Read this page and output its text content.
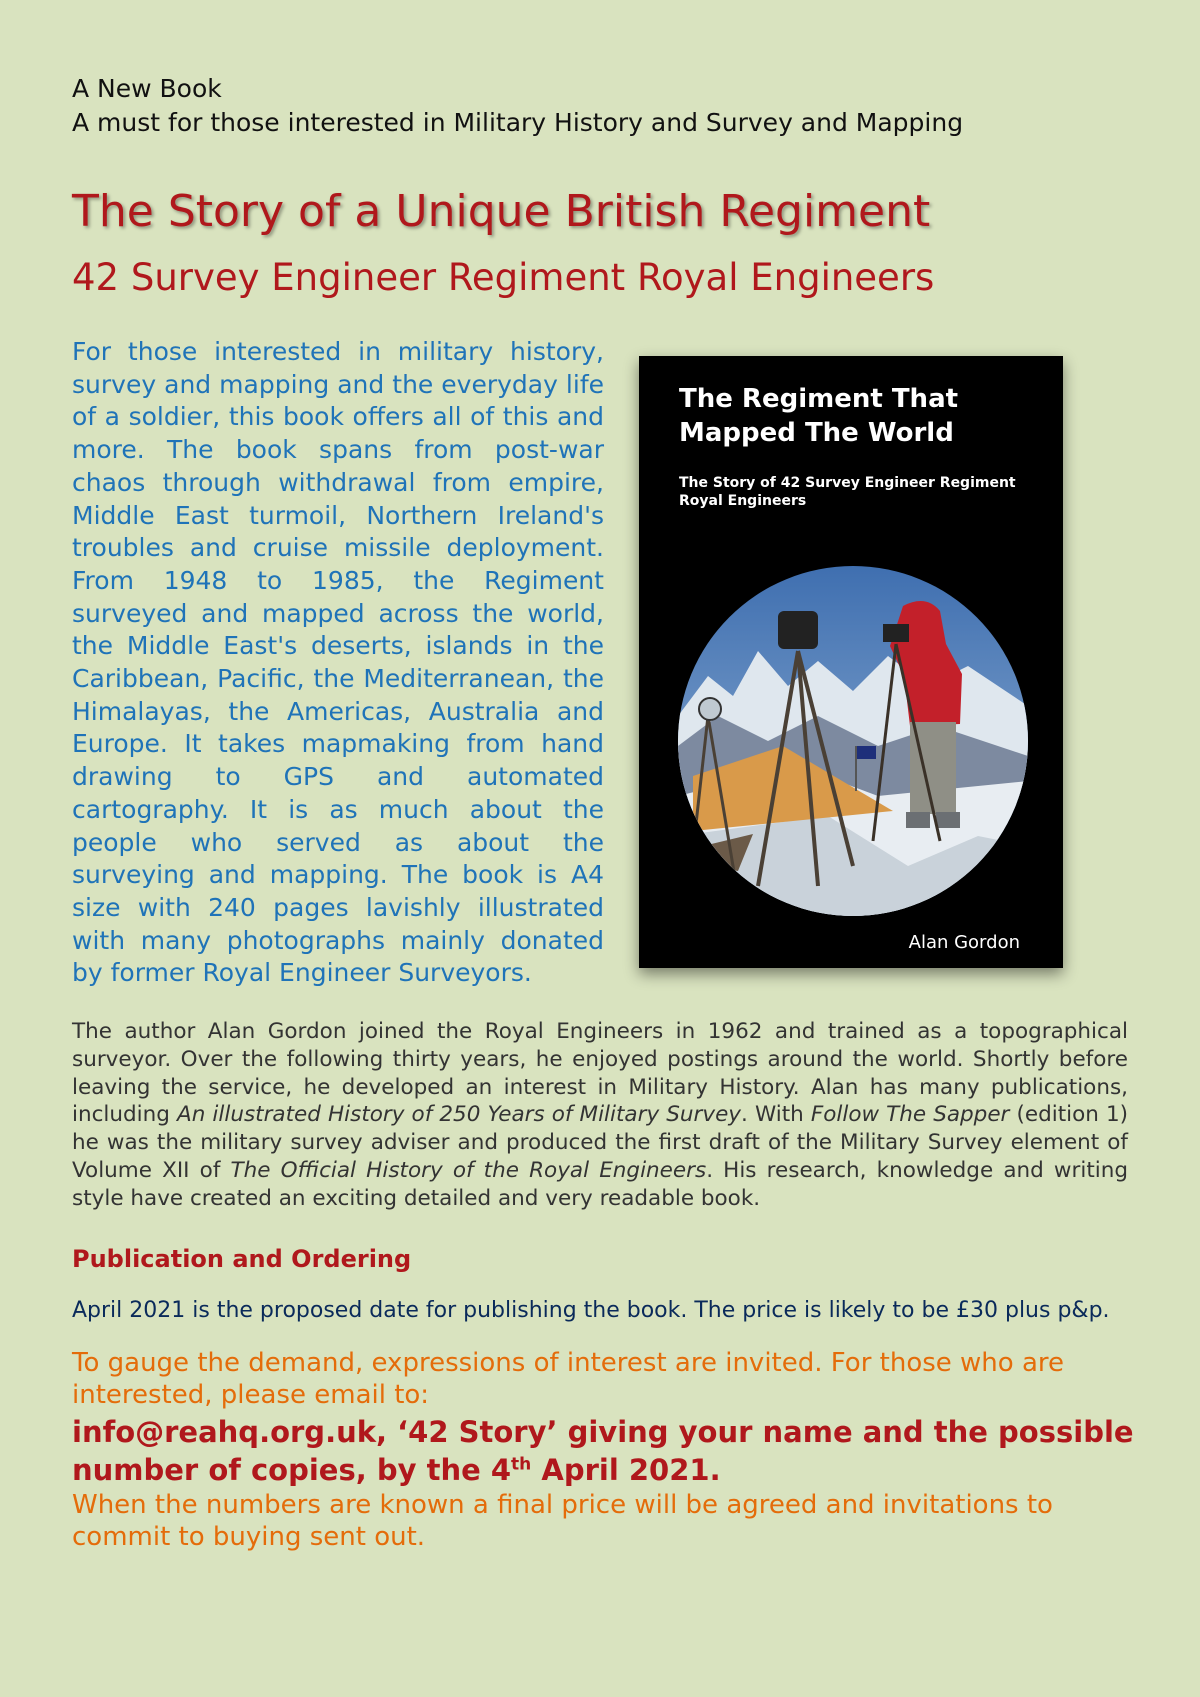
A New Book
A must for those interested in Military History and Survey and Mapping
The Story of a Unique British Regiment
42 Survey Engineer Regiment Royal Engineers
For those interested in military history, survey and mapping and the everyday life of a soldier, this book offers all of this and more. The book spans from post-war chaos through withdrawal from empire, Middle East turmoil, Northern Ireland's troubles and cruise missile deployment. From 1948 to 1985, the Regiment surveyed and mapped across the world, the Middle East's deserts, islands in the Caribbean, Pacific, the Mediterranean, the Himalayas, the Americas, Australia and Europe. It takes mapmaking from hand drawing to GPS and automated cartography. It is as much about the people who served as about the surveying and mapping. The book is A4 size with 240 pages lavishly illustrated with many photographs mainly donated by former Royal Engineer Surveyors.
The Regiment That
Mapped The World
The Story of 42 Survey Engineer Regiment
Royal Engineers
Alan Gordon
The author Alan Gordon joined the Royal Engineers in 1962 and trained as a topographical surveyor. Over the following thirty years, he enjoyed postings around the world. Shortly before leaving the service, he developed an interest in Military History. Alan has many publications, including An illustrated History of 250 Years of Military Survey. With Follow The Sapper (edition 1) he was the military survey adviser and produced the first draft of the Military Survey element of Volume XII of The Official History of the Royal Engineers. His research, knowledge and writing style have created an exciting detailed and very readable book.
Publication and Ordering
April 2021 is the proposed date for publishing the book. The price is likely to be £30 plus p&p.
To gauge the demand, expressions of interest are invited. For those who are interested, please email to:
info@reahq.org.uk, ‘42 Story’ giving your name and the possible number of copies, by the 4th April 2021.
When the numbers are known a final price will be agreed and invitations to commit to buying sent out.
